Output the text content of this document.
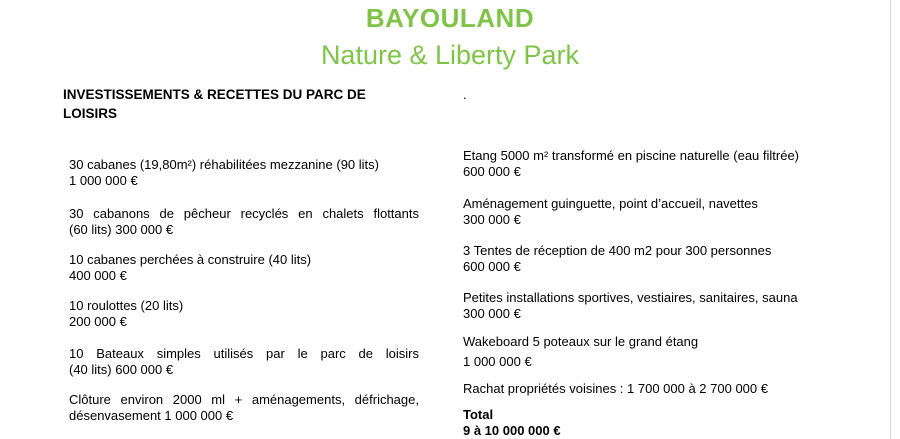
BAYOULAND
Nature & Liberty Park
INVESTISSEMENTS & RECETTES DU PARC DE LOISIRS
.
30 cabanes (19,80m²) réhabilitées mezzanine (90 lits)
1 000 000 €
30 cabanons de pêcheur recyclés en chalets flottants
(60 lits) 300 000 €
10 cabanes perchées à construire (40 lits)
400 000 €
10 roulottes (20 lits)
200 000 €
10 Bateaux simples utilisés par le parc de loisirs
(40 lits) 600 000 €
Clôture environ 2000 ml + aménagements, défrichage,
désenvasement 1 000 000 €
Etang 5000 m² transformé en piscine naturelle (eau filtrée)
600 000 €
Aménagement guinguette, point d’accueil, navettes
300 000 €
3 Tentes de réception de 400 m2 pour 300 personnes
600 000 €
Petites installations sportives, vestiaires, sanitaires, sauna
300 000 €
Wakeboard 5 poteaux sur le grand étang
1 000 000 €
Rachat propriétés voisines : 1 700 000 à 2 700 000 €
Total
9 à 10 000 000 €
